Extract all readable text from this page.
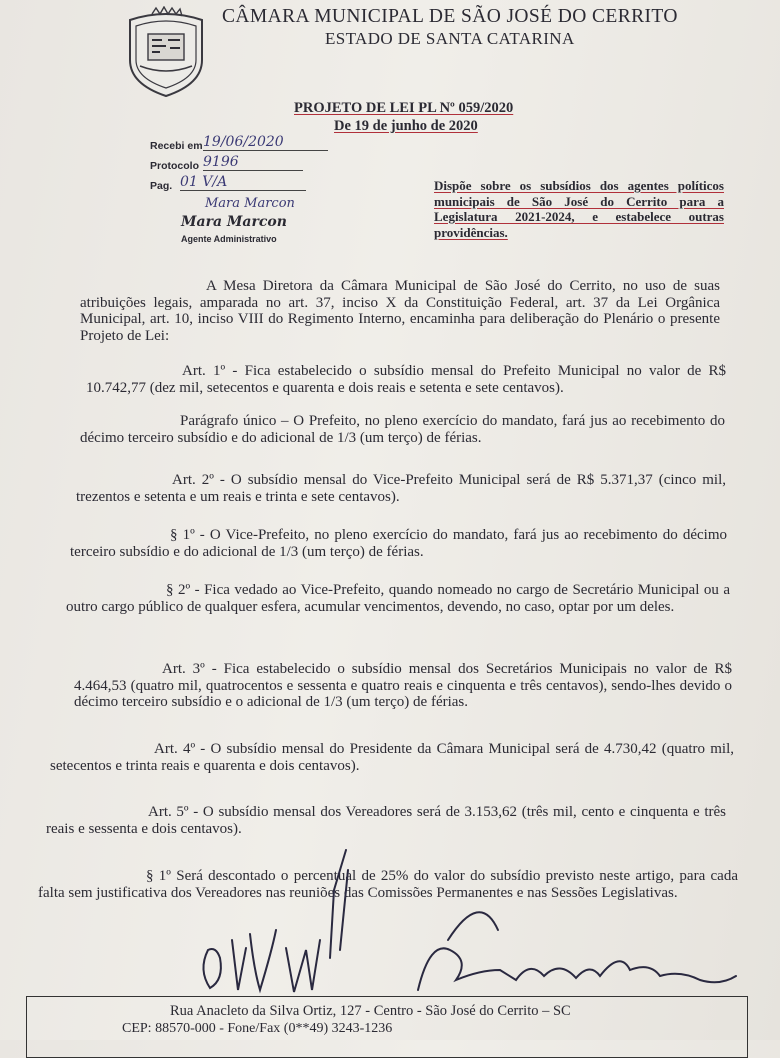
CÂMARA MUNICIPAL DE SÃO JOSÉ DO CERRITO
ESTADO DE SANTA CATARINA
PROJETO DE LEI PL Nº 059/2020
De 19 de junho de 2020
Recebi em 19/06/2020
Protocolo 9196
Pag. 01 V/A
Mara Marcon
Mara Marcon
Agente Administrativo
Dispõe sobre os subsídios dos agentes políticos municipais de São José do Cerrito para a Legislatura 2021-2024, e estabelece outras providências.
A Mesa Diretora da Câmara Municipal de São José do Cerrito, no uso de suas atribuições legais, amparada no art. 37, inciso X da Constituição Federal, art. 37 da Lei Orgânica Municipal, art. 10, inciso VIII do Regimento Interno, encaminha para deliberação do Plenário o presente Projeto de Lei:
Art. 1º - Fica estabelecido o subsídio mensal do Prefeito Municipal no valor de R$ 10.742,77 (dez mil, setecentos e quarenta e dois reais e setenta e sete centavos).
Parágrafo único – O Prefeito, no pleno exercício do mandato, fará jus ao recebimento do décimo terceiro subsídio e do adicional de 1/3 (um terço) de férias.
Art. 2º - O subsídio mensal do Vice-Prefeito Municipal será de R$ 5.371,37 (cinco mil, trezentos e setenta e um reais e trinta e sete centavos).
§ 1º - O Vice-Prefeito, no pleno exercício do mandato, fará jus ao recebimento do décimo terceiro subsídio e do adicional de 1/3 (um terço) de férias.
§ 2º - Fica vedado ao Vice-Prefeito, quando nomeado no cargo de Secretário Municipal ou a outro cargo público de qualquer esfera, acumular vencimentos, devendo, no caso, optar por um deles.
Art. 3º - Fica estabelecido o subsídio mensal dos Secretários Municipais no valor de R$ 4.464,53 (quatro mil, quatrocentos e sessenta e quatro reais e cinquenta e três centavos), sendo-lhes devido o décimo terceiro subsídio e o adicional de 1/3 (um terço) de férias.
Art. 4º - O subsídio mensal do Presidente da Câmara Municipal será de 4.730,42 (quatro mil, setecentos e trinta reais e quarenta e dois centavos).
Art. 5º - O subsídio mensal dos Vereadores será de 3.153,62 (três mil, cento e cinquenta e três reais e sessenta e dois centavos).
§ 1º Será descontado o percentual de 25% do valor do subsídio previsto neste artigo, para cada falta sem justificativa dos Vereadores nas reuniões das Comissões Permanentes e nas Sessões Legislativas.
Rua Anacleto da Silva Ortiz, 127 - Centro - São José do Cerrito – SC
CEP: 88570-000 - Fone/Fax (0**49) 3243-1236
